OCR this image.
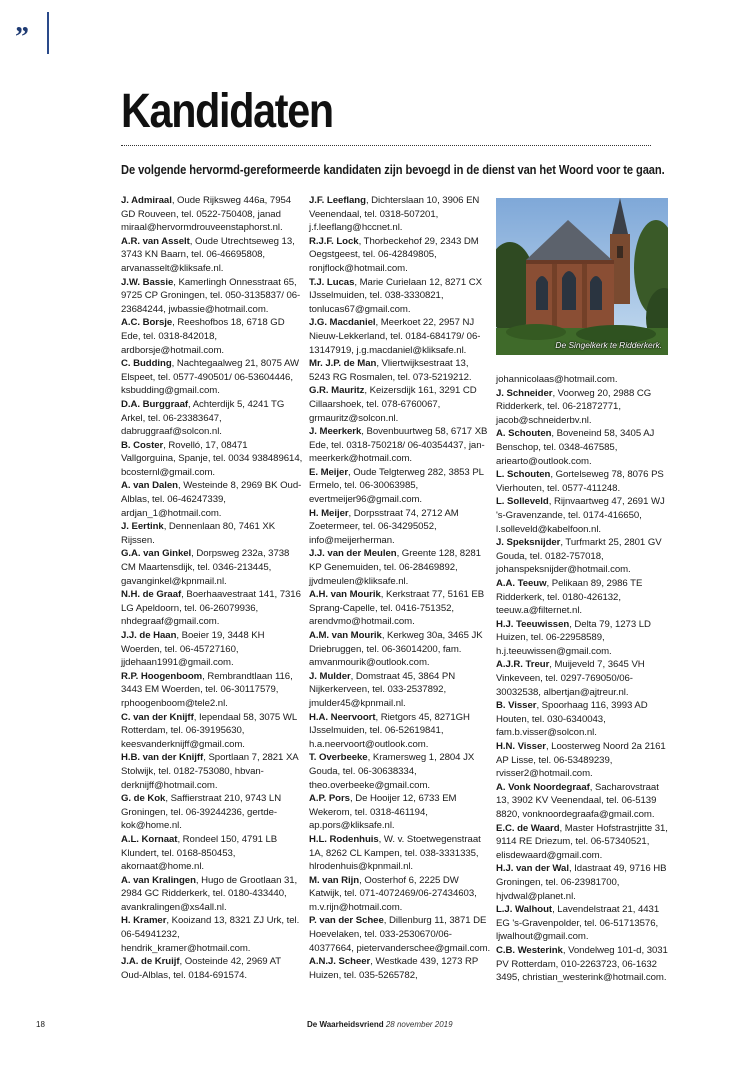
”
Kandidaten
De volgende hervormd-gereformeerde kandidaten zijn bevoegd in de dienst van het Woord voor te gaan.

J. Admiraal, Oude Rijksweg 446a, 7954 GD Rouveen, tel. 0522-750408, janad miraal@hervormdrouveenstaphorst.nl.

A.R. van Asselt, Oude Utrechtseweg 13, 3743 KN Baarn, tel. 06-46695808, arvanasselt@kliksafe.nl.

J.W. Bassie, Kamerlingh Onnesstraat 65, 9725 CP Groningen, tel. 050-3135837/ 06-23684244, jwbassie@hotmail.com.

A.C. Borsje, Reeshofbos 18, 6718 GD Ede, tel. 0318-842018, ardborsje@hotmail.com.

C. Budding, Nachtegaalweg 21, 8075 AW Elspeet, tel. 0577-490501/ 06-53604446, ksbudding@gmail.com.

D.A. Burggraaf, Achterdijk 5, 4241 TG Arkel, tel. 06-23383647, dabruggraaf@solcon.nl.

B. Coster, Rovelló, 17, 08471 Vallgorguina, Spanje, tel. 0034 938489614, bcosternl@gmail.com.

A. van Dalen, Westeinde 8, 2969 BK Oud-Alblas, tel. 06-46247339, ardjan_1@hotmail.com.

J. Eertink, Dennenlaan 80, 7461 XK Rijssen.

G.A. van Ginkel, Dorpsweg 232a, 3738 CM Maartensdijk, tel. 0346-213445, gavanginkel@kpnmail.nl.

N.H. de Graaf, Boerhaavestraat 141, 7316 LG Apeldoorn, tel. 06-26079936, nhdegraaf@gmail.com.

J.J. de Haan, Boeier 19, 3448 KH Woerden, tel. 06-45727160, jjdehaan1991@gmail.com.

R.P. Hoogenboom, Rembrandtlaan 116, 3443 EM Woerden, tel. 06-30117579, rphoogenboom@tele2.nl.

C. van der Knijff, Iependaal 58, 3075 WL Rotterdam, tel. 06-39195630, keesvanderknijff@gmail.com.

H.B. van der Knijff, Sportlaan 7, 2821 XA Stolwijk, tel. 0182-753080, hbvan-derknijff@hotmail.com.

G. de Kok, Saffierstraat 210, 9743 LN Groningen, tel. 06-39244236, gertde-kok@home.nl.

A.L. Kornaat, Rondeel 150, 4791 LB Klundert, tel. 0168-850453, akornaat@home.nl.

A. van Kralingen, Hugo de Grootlaan 31, 2984 GC Ridderkerk, tel. 0180-433440, avankralingen@xs4all.nl.

H. Kramer, Kooizand 13, 8321 ZJ Urk, tel. 06-54941232, hendrik_kramer@hotmail.com.

J.A. de Kruijf, Oosteinde 42, 2969 AT Oud-Alblas, tel. 0184-691574.

J.F. Leeflang, Dichterslaan 10, 3906 EN Veenendaal, tel. 0318-507201, j.f.leeflang@hccnet.nl.

R.J.F. Lock, Thorbeckehof 29, 2343 DM Oegstgeest, tel. 06-42849805, ronjflock@hotmail.com.

T.J. Lucas, Marie Curielaan 12, 8271 CX IJsselmuiden, tel. 038-3330821, tonlucas67@gmail.com.

J.G. Macdaniel, Meerkoet 22, 2957 NJ Nieuw-Lekkerland, tel. 0184-684179/ 06-13147919, j.g.macdaniel@kliksafe.nl.

Mr. J.P. de Man, Vliertwijksestraat 13, 5243 RG Rosmalen, tel. 073-5219212.

G.R. Mauritz, Keizersdijk 161, 3291 CD Cillaarshoek, tel. 078-6760067, grmauritz@solcon.nl.

J. Meerkerk, Bovenbuurtweg 58, 6717 XB Ede, tel. 0318-750218/ 06-40354437, jan-meerkerk@hotmail.com.

E. Meijer, Oude Telgterweg 282, 3853 PL Ermelo, tel. 06-30063985, evertmeijer96@gmail.com.

H. Meijer, Dorpsstraat 74, 2712 AM Zoetermeer, tel. 06-34295052, info@meijerherman.

J.J. van der Meulen, Greente 128, 8281 KP Genemuiden, tel. 06-28469892, jjvdmeulen@kliksafe.nl.

A.H. van Mourik, Kerkstraat 77, 5161 EB Sprang-Capelle, tel. 0416-751352, arendvmo@hotmail.com.

A.M. van Mourik, Kerkweg 30a, 3465 JK Driebruggen, tel. 06-36014200, fam. amvanmourik@outlook.com.

J. Mulder, Domstraat 45, 3864 PN Nijkerkerveen, tel. 033-2537892, jmulder45@kpnmail.nl.

H.A. Neervoort, Rietgors 45, 8271GH IJsselmuiden, tel. 06-52619841, h.a.neervoort@outlook.com.

T. Overbeeke, Kramersweg 1, 2804 JX Gouda, tel. 06-30638334, theo.overbeeke@gmail.com.

A.P. Pors, De Hooijer 12, 6733 EM Wekerom, tel. 0318-461194, ap.pors@kliksafe.nl.

H.L. Rodenhuis, W. v. Stoetwegenstraat 1A, 8262 CL Kampen, tel. 038-3331335, hlrodenhuis@kpnmail.nl.

M. van Rijn, Oosterhof 6, 2225 DW Katwijk, tel. 071-4072469/06-27434603, m.v.rijn@hotmail.com.

P. van der Schee, Dillenburg 11, 3871 DE Hoevelaken, tel. 033-2530670/06-40377664, pietervanderschee@gmail.com.

A.N.J. Scheer, Westkade 439, 1273 RP Huizen, tel. 035-5265782,

De Singelkerk te Ridderkerk.

johannicolaas@hotmail.com.

J. Schneider, Voorweg 20, 2988 CG Ridderkerk, tel. 06-21872771, jacob@schneiderbv.nl.

A. Schouten, Boveneind 58, 3405 AJ Benschop, tel. 0348-467585, ariearto@outlook.com.

L. Schouten, Gortelseweg 78, 8076 PS Vierhouten, tel. 0577-411248.

L. Solleveld, Rijnvaartweg 47, 2691 WJ 's-Gravenzande, tel. 0174-416650, l.solleveld@kabelfoon.nl.

J. Speksnijder, Turfmarkt 25, 2801 GV Gouda, tel. 0182-757018, johanspeksnijder@hotmail.com.

A.A. Teeuw, Pelikaan 89, 2986 TE Ridderkerk, tel. 0180-426132, teeuw.a@filternet.nl.

H.J. Teeuwissen, Delta 79, 1273 LD Huizen, tel. 06-22958589, h.j.teeuwissen@gmail.com.

A.J.R. Treur, Muijeveld 7, 3645 VH Vinkeveen, tel. 0297-769050/06-30032538, albertjan@ajtreur.nl.

B. Visser, Spoorhaag 116, 3993 AD Houten, tel. 030-6340043, fam.b.visser@solcon.nl.

H.N. Visser, Loosterweg Noord 2a 2161 AP Lisse, tel. 06-53489239, rvisser2@hotmail.com.

A. Vonk Noordegraaf, Sacharovstraat 13, 3902 KV Veenendaal, tel. 06-5139 8820, vonknoordegraafa@gmail.com.

E.C. de Waard, Master Hofstrastrjitte 31, 9114 RE Driezum, tel. 06-57340521, elisdewaard@gmail.com.

H.J. van der Wal, Idastraat 49, 9716 HB Groningen, tel. 06-23981700, hjvdwal@planet.nl.

L.J. Walhout, Lavendelstraat 21, 4431 EG 's-Gravenpolder, tel. 06-51713576, ljwalhout@gmail.com.

C.B. Westerink, Vondelweg 101-d, 3031 PV Rotterdam, 010-2263723, 06-1632 3495, christian_westerink@hotmail.com.

18	De Waarheidsvriend 28 november 2019
